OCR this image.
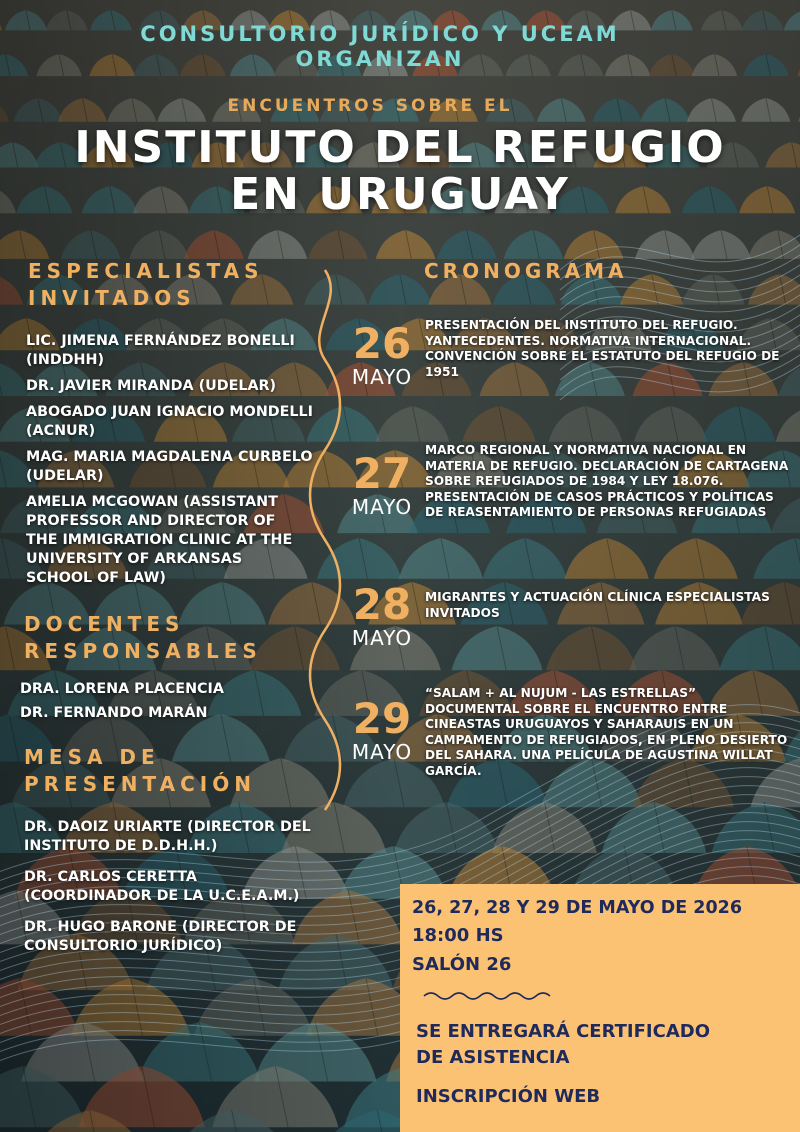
CONSULTORIO JURÍDICO Y UCEAM ORGANIZAN
ENCUENTROS SOBRE EL
INSTITUTO DEL REFUGIO
EN URUGUAY
ESPECIALISTAS
INVITADOS
LIC. JIMENA FERNÁNDEZ BONELLI (INDDHH)
DR. JAVIER MIRANDA (UDELAR)
ABOGADO JUAN IGNACIO MONDELLI (ACNUR)
MAG. MARIA MAGDALENA CURBELO (UDELAR)
AMELIA MCGOWAN (ASSISTANT PROFESSOR AND DIRECTOR OF THE IMMIGRATION CLINIC AT THE UNIVERSITY OF ARKANSAS SCHOOL OF LAW)
DOCENTES
RESPONSABLES
DRA. LORENA PLACENCIA
DR. FERNANDO MARÁN
MESA DE
PRESENTACIÓN
DR. DAOIZ URIARTE (DIRECTOR DEL INSTITUTO DE D.D.H.H.)
DR. CARLOS CERETTA (COORDINADOR DE LA U.C.E.A.M.)
DR. HUGO BARONE (DIRECTOR DE CONSULTORIO JURÍDICO)
CRONOGRAMA
26
MAYO
PRESENTACIÓN DEL INSTITUTO DEL REFUGIO. YANTECEDENTES. NORMATIVA INTERNACIONAL. CONVENCIÓN SOBRE EL ESTATUTO DEL REFUGIO DE 1951
27
MAYO
MARCO REGIONAL Y NORMATIVA NACIONAL EN MATERIA DE REFUGIO. DECLARACIÓN DE CARTAGENA SOBRE REFUGIADOS DE 1984 Y LEY 18.076. PRESENTACIÓN DE CASOS PRÁCTICOS Y POLÍTICAS DE REASENTAMIENTO DE PERSONAS REFUGIADAS
28
MAYO
MIGRANTES Y ACTUACIÓN CLÍNICA ESPECIALISTAS INVITADOS
29
MAYO
“SALAM + AL NUJUM - LAS ESTRELLAS” DOCUMENTAL SOBRE EL ENCUENTRO ENTRE CINEASTAS URUGUAYOS Y SAHARAUIS EN UN CAMPAMENTO DE REFUGIADOS, EN PLENO DESIERTO DEL SAHARA. UNA PELÍCULA DE AGUSTINA WILLAT GARCÍA.
26, 27, 28 Y 29 DE MAYO DE 2026
18:00 HS
SALÓN 26
SE ENTREGARÁ CERTIFICADO
DE ASISTENCIA
INSCRIPCIÓN WEB
